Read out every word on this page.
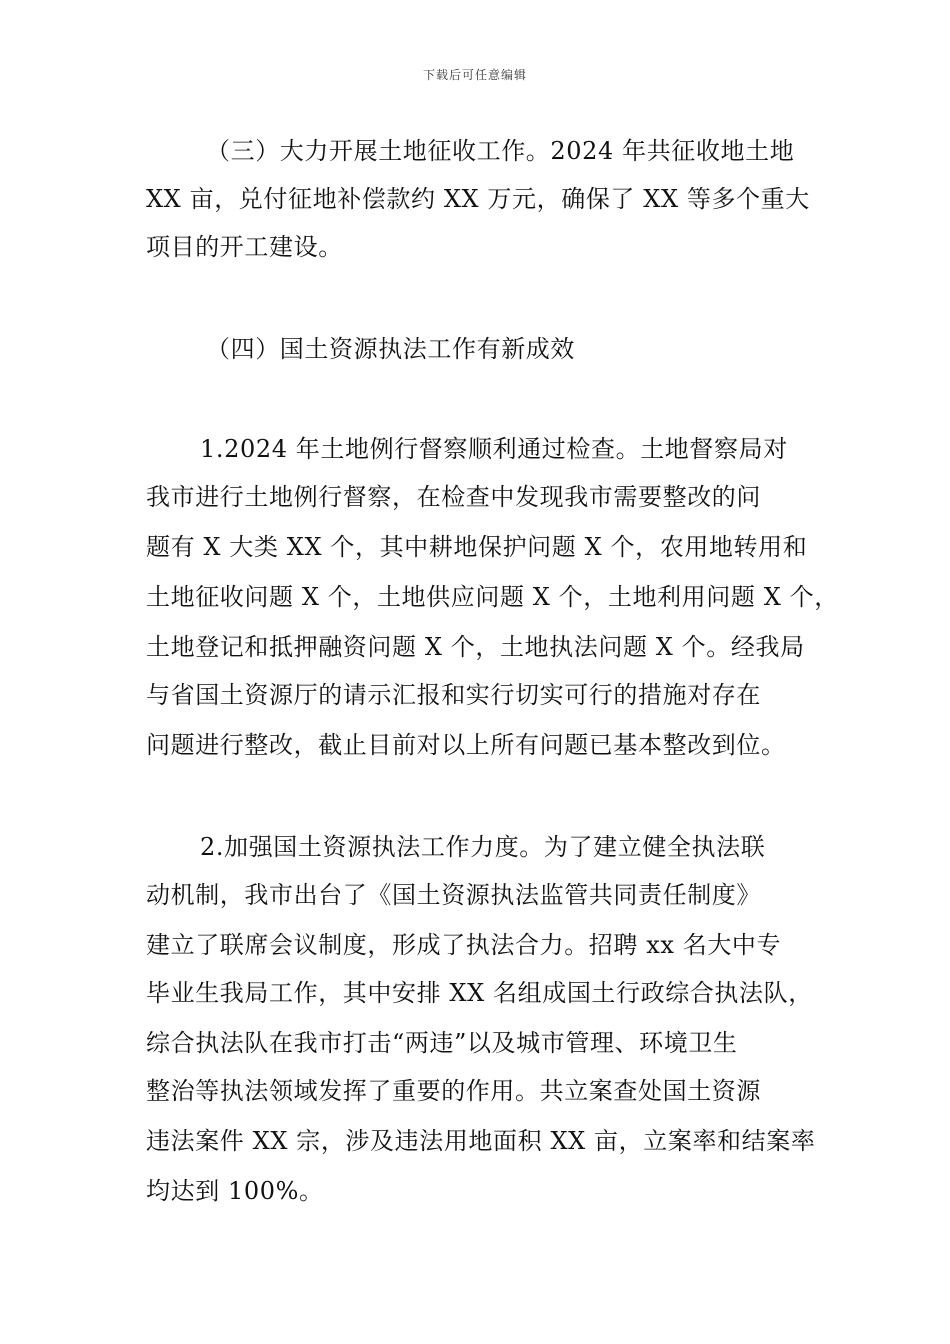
下载后可任意编辑
（三）大力开展土地征收工作。2024 年共征收地土地
XX 亩，兑付征地补偿款约 XX 万元，确保了 XX 等多个重大
项目的开工建设。
（四）国土资源执法工作有新成效
1.2024 年土地例行督察顺利通过检查。土地督察局对
我市进行土地例行督察，在检查中发现我市需要整改的问
题有 X 大类 XX 个，其中耕地保护问题 X 个，农用地转用和
土地征收问题 X 个，土地供应问题 X 个，土地利用问题 X 个，
土地登记和抵押融资问题 X 个，土地执法问题 X 个。经我局
与省国土资源厅的请示汇报和实行切实可行的措施对存在
问题进行整改，截止目前对以上所有问题已基本整改到位。
2.加强国土资源执法工作力度。为了建立健全执法联
动机制，我市出台了《国土资源执法监管共同责任制度》
建立了联席会议制度，形成了执法合力。招聘 xx 名大中专
毕业生我局工作，其中安排 XX 名组成国土行政综合执法队，
综合执法队在我市打击“两违”以及城市管理、环境卫生
整治等执法领域发挥了重要的作用。共立案查处国土资源
违法案件 XX 宗，涉及违法用地面积 XX 亩，立案率和结案率
均达到 100%。
